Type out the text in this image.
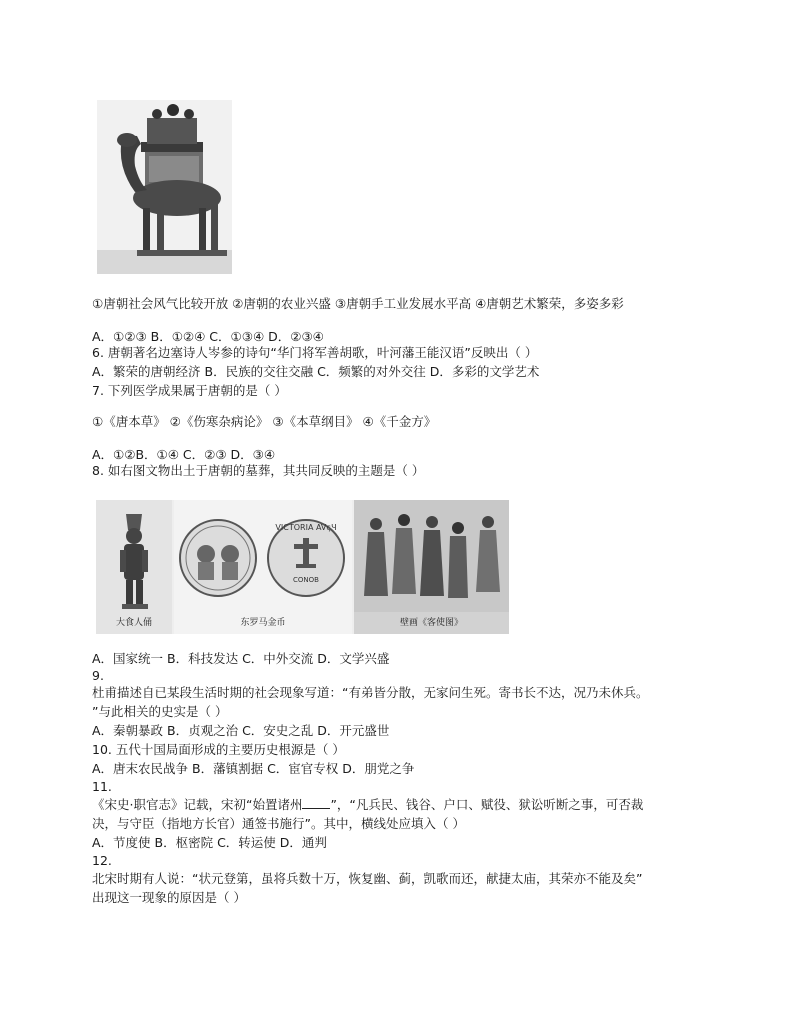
①唐朝社会风气比较开放 ②唐朝的农业兴盛 ③唐朝手工业发展水平高 ④唐朝艺术繁荣，多姿多彩
A．①②③ B．①②④ C．①③④ D．②③④
6. 唐朝著名边塞诗人岑参的诗句“华门将军善胡歌，叶河藩王能汉语”反映出（ ）
A．繁荣的唐朝经济 B．民族的交往交融 C．频繁的对外交往 D．多彩的文学艺术
7. 下列医学成果属于唐朝的是（ ）
①《唐本草》 ②《伤寒杂病论》 ③《本草纲目》 ④《千金方》
A．①②B．①④ C．②③ D．③④
8. 如右图文物出土于唐朝的墓葬，其共同反映的主题是（ ）
大食人俑
VICTORIA AVςЧ
CONOB
东罗马金币	壁画《客使图》
A．国家统一 B．科技发达 C．中外交流 D．文学兴盛
9.
杜甫描述自已某段生活时期的社会现象写道：“有弟皆分散，无家问生死。寄书长不达，况乃未休兵。
”与此相关的史实是（ ）
A．秦朝暴政 B．贞观之治 C．安史之乱 D．开元盛世
10. 五代十国局面形成的主要历史根源是（ ）
A．唐末农民战争 B．藩镇割据 C．宦官专权 D．朋党之争
11.
《宋史·职官志》记载，宋初“始置诸州 ”，“凡兵民、钱谷、户口、赋役、狱讼听断之事，可否裁
决，与守臣（指地方长官）通签书施行”。其中，横线处应填入（ ）
A．节度使 B．枢密院 C．转运使 D．通判
12.
北宋时期有人说：“状元登第，虽将兵数十万，恢复幽、蓟，凯歌而还，献捷太庙，其荣亦不能及矣”
出现这一现象的原因是（ ）
